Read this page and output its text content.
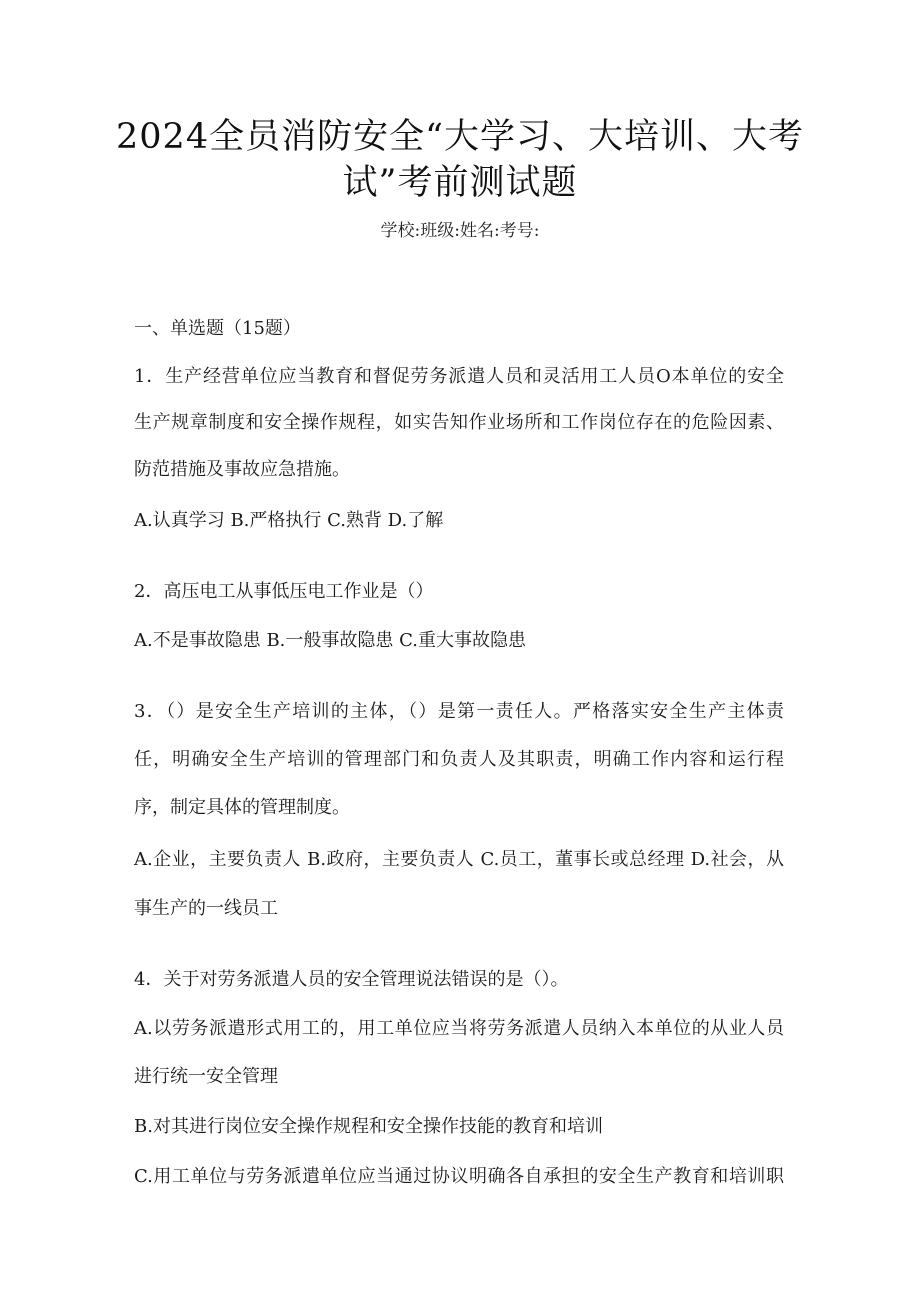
2024全员消防安全“大学习、大培训、大考
试”考前测试题
学校:班级:姓名:考号:
一、单选题（15题）
1．生产经营单位应当教育和督促劳务派遣人员和灵活用工人员O本单位的安全
生产规章制度和安全操作规程，如实告知作业场所和工作岗位存在的危险因素、
防范措施及事故应急措施。
A.认真学习 B.严格执行 C.熟背 D.了解
2．高压电工从事低压电工作业是（）
A.不是事故隐患 B.一般事故隐患 C.重大事故隐患
3．（）是安全生产培训的主体，（）是第一责任人。严格落实安全生产主体责
任，明确安全生产培训的管理部门和负责人及其职责，明确工作内容和运行程
序，制定具体的管理制度。
A.企业，主要负责人 B.政府，主要负责人 C.员工，董事长或总经理 D.社会，从
事生产的一线员工
4．关于对劳务派遣人员的安全管理说法错误的是（）。
A.以劳务派遣形式用工的，用工单位应当将劳务派遣人员纳入本单位的从业人员
进行统一安全管理
B.对其进行岗位安全操作规程和安全操作技能的教育和培训
C.用工单位与劳务派遣单位应当通过协议明确各自承担的安全生产教育和培训职
